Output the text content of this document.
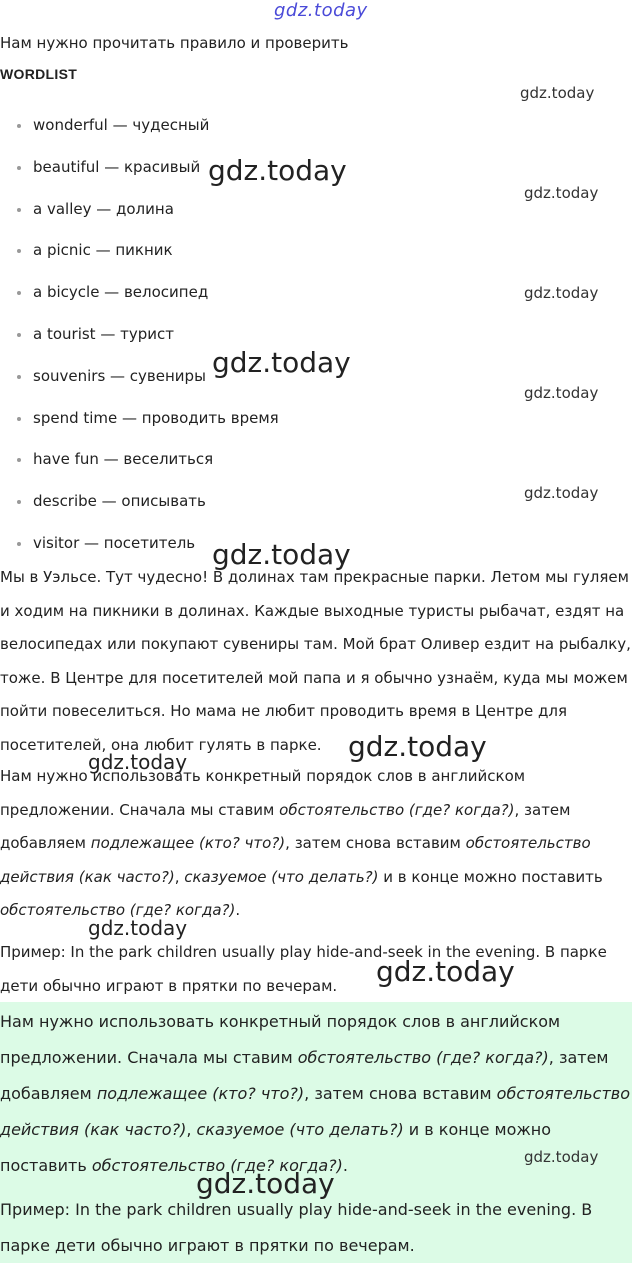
gdz.today
Нам нужно прочитать правило и проверить
WORDLIST
wonderful — чудесный
beautiful — красивый
a valley — долина
a picnic — пикник
a bicycle — велосипед
a tourist — турист
souvenirs — сувениры
spend time — проводить время
have fun — веселиться
describe — описывать
visitor — посетитель

Мы в Уэльсе. Тут чудесно! В долинах там прекрасные парки. Летом мы гуляем и ходим на пикники в долинах. Каждые выходные туристы рыбачат, ездят на велосипедах или покупают сувениры там. Мой брат Оливер ездит на рыбалку, тоже. В Центре для посетителей мой папа и я обычно узнаём, куда мы можем пойти повеселиться. Но мама не любит проводить время в Центре для посетителей, она любит гулять в парке.

Нам нужно использовать конкретный порядок слов в английском предложении. Сначала мы ставим обстоятельство (где? когда?), затем добавляем подлежащее (кто? что?), затем снова вставим обстоятельство действия (как часто?), сказуемое (что делать?) и в конце можно поставить обстоятельство (где? когда?).

Пример: In the park children usually play hide-and-seek in the evening. В парке дети обычно играют в прятки по вечерам.

Нам нужно использовать конкретный порядок слов в английском предложении. Сначала мы ставим обстоятельство (где? когда?), затем добавляем подлежащее (кто? что?), затем снова вставим обстоятельство действия (как часто?), сказуемое (что делать?) и в конце можно поставить обстоятельство (где? когда?).

Пример: In the park children usually play hide-and-seek in the evening. В парке дети обычно играют в прятки по вечерам.

gdz.today
gdz.today
gdz.today
gdz.today
gdz.today
gdz.today
gdz.today
gdz.today
gdz.today
gdz.today
gdz.today
gdz.today
gdz.today
gdz.today
